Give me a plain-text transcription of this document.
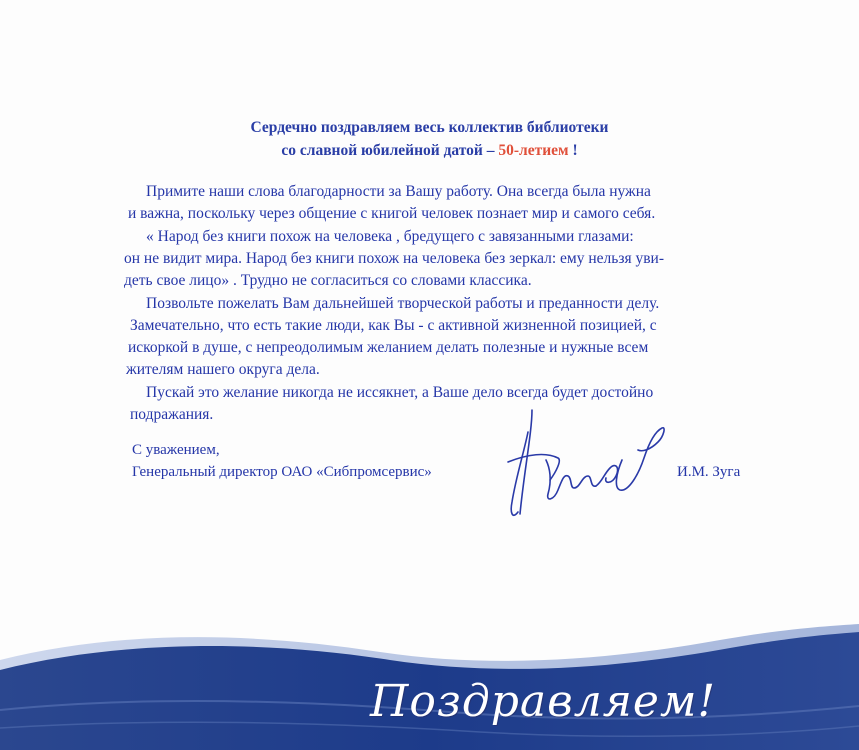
Сердечно поздравляем весь коллектив библиотеки
со славной юбилейной датой – 50-летием !

Примите наши слова благодарности за Вашу работу. Она всегда была нужна

и важна, поскольку через общение с книгой человек познает мир и самого себя.

« Народ без книги похож на человека , бредущего с завязанными глазами:

он не видит мира. Народ без книги похож на человека без зеркал: ему нельзя уви-

деть свое лицо» . Трудно не согласиться со словами классика.

Позвольте пожелать Вам дальнейшей творческой работы и преданности делу.

Замечательно, что есть такие люди, как Вы - с активной жизненной позицией, с

искоркой в душе, с непреодолимым желанием делать полезные и нужные всем

жителям нашего округа дела.

Пускай это желание никогда не иссякнет, а Ваше дело всегда будет достойно

подражания.

С уважением,
Генеральный директор ОАО «Сибпромсервис»	И.М. Зуга
Поздравляем!
